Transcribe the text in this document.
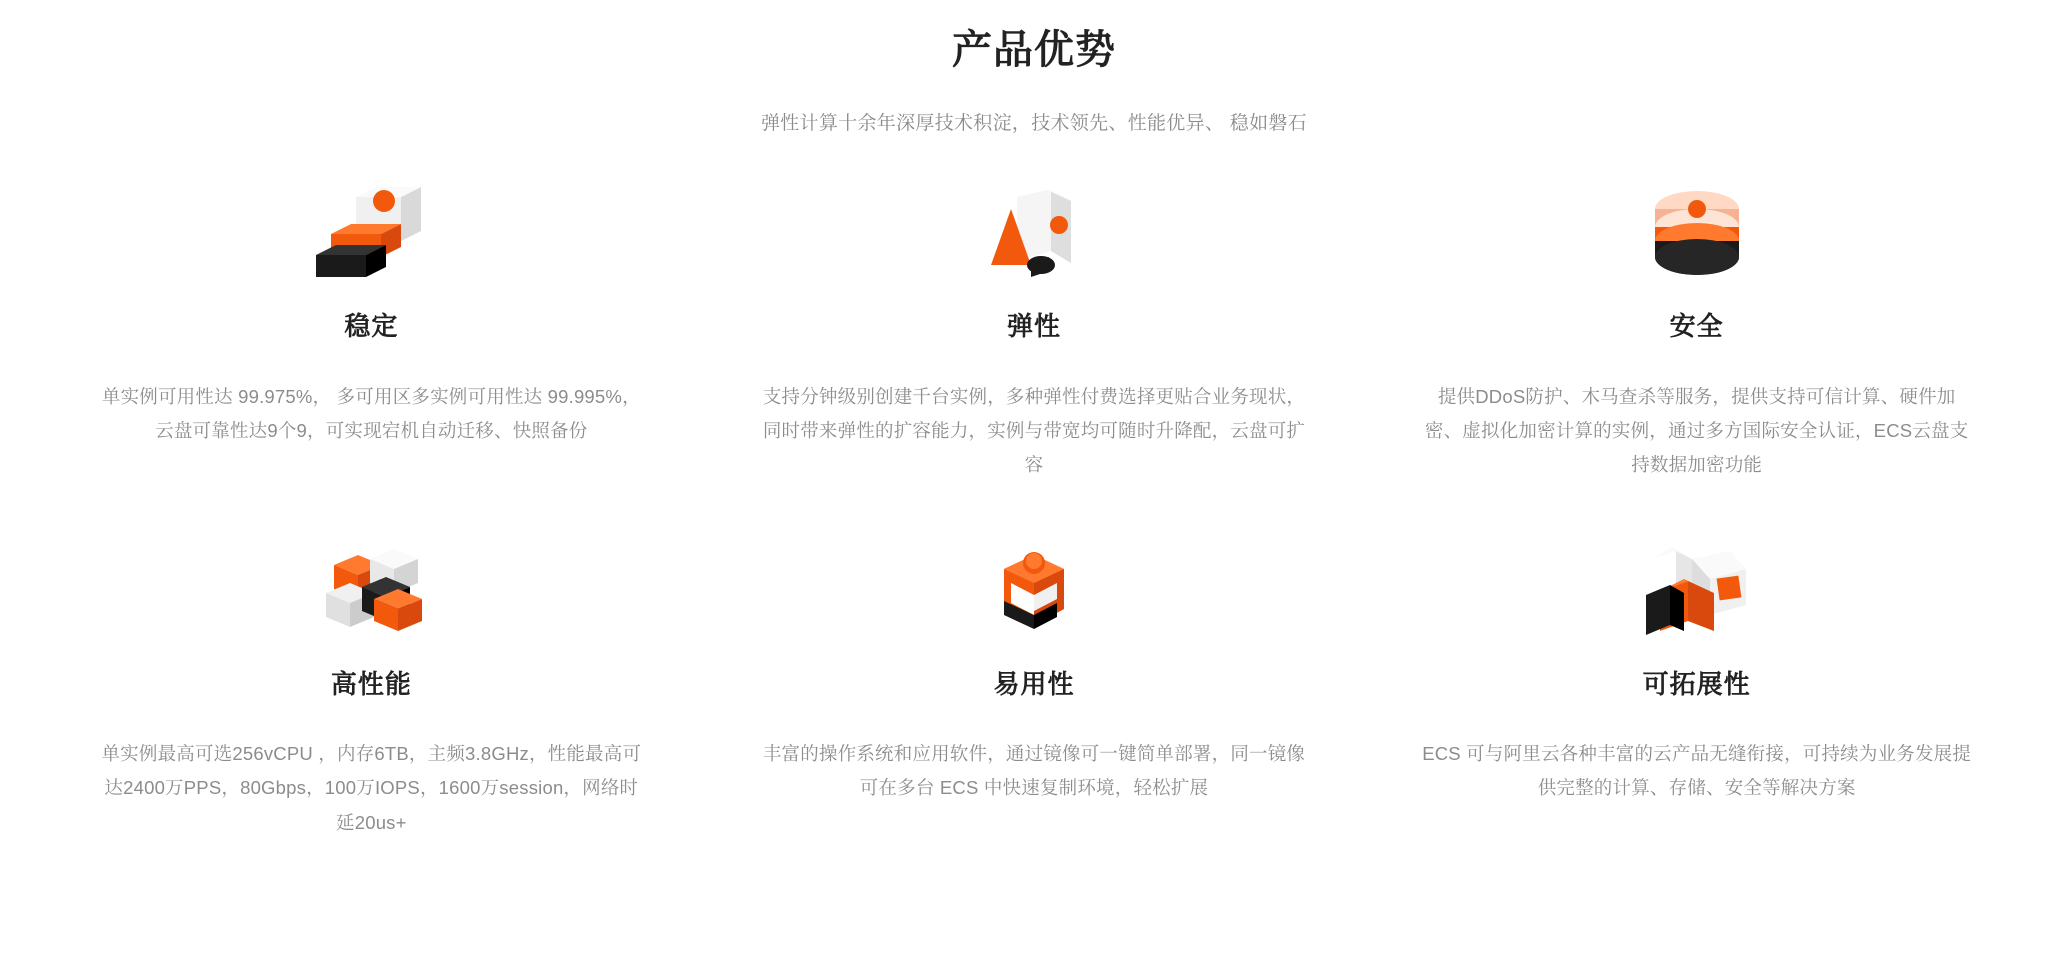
产品优势

弹性计算十余年深厚技术积淀，技术领先、性能优异、 稳如磐石

稳定

单实例可用性达 99.975%， 多可用区多实例可用性达 99.995%，云盘可靠性达9个9，可实现宕机自动迁移、快照备份

弹性

支持分钟级别创建千台实例，多种弹性付费选择更贴合业务现状，同时带来弹性的扩容能力，实例与带宽均可随时升降配，云盘可扩容

安全

提供DDoS防护、木马查杀等服务，提供支持可信计算、硬件加密、虚拟化加密计算的实例，通过多方国际安全认证，ECS云盘支持数据加密功能

高性能

单实例最高可选256vCPU ，内存6TB，主频3.8GHz，性能最高可达2400万PPS，80Gbps，100万IOPS，1600万session，网络时延20us+

易用性

丰富的操作系统和应用软件，通过镜像可一键简单部署，同一镜像可在多台 ECS 中快速复制环境，轻松扩展

可拓展性

ECS 可与阿里云各种丰富的云产品无缝衔接，可持续为业务发展提供完整的计算、存储、安全等解决方案
